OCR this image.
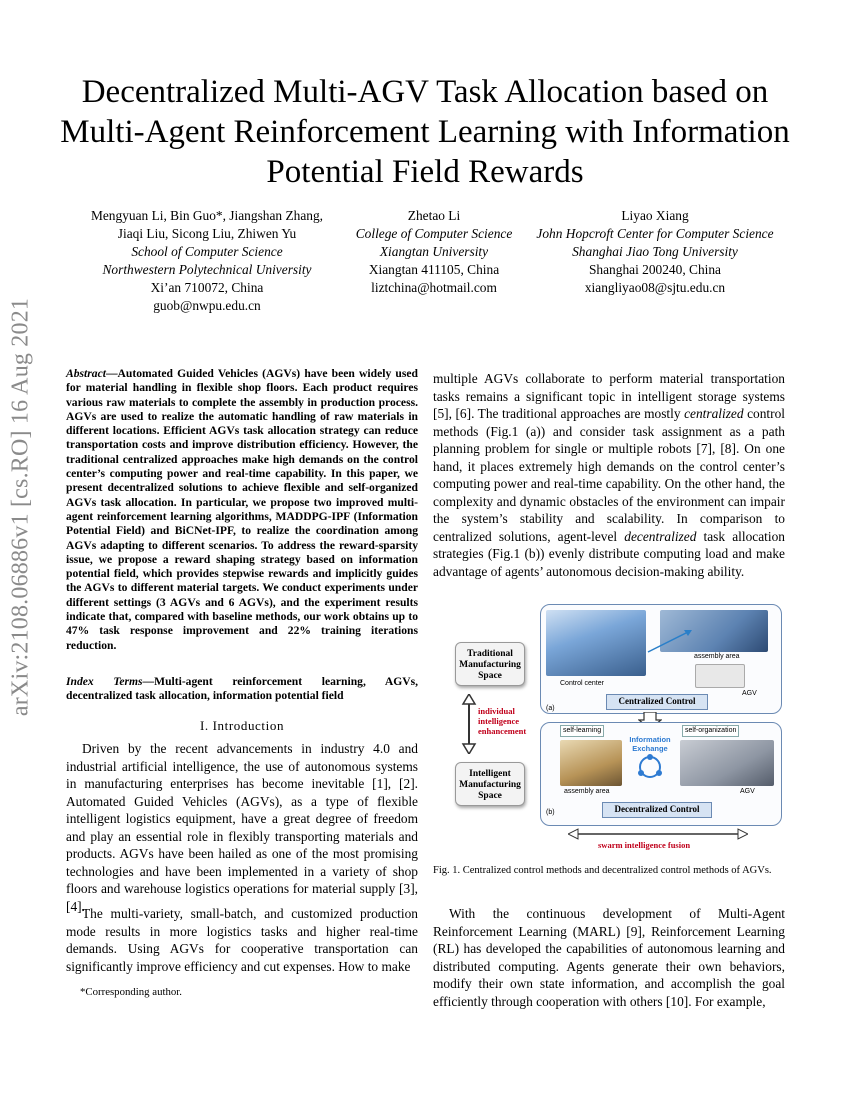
arXiv:2108.06886v1 [cs.RO] 16 Aug 2021
Decentralized Multi-AGV Task Allocation based on Multi-Agent Reinforcement Learning with Information Potential Field Rewards
Mengyuan Li, Bin Guo*, Jiangshan Zhang,
Jiaqi Liu, Sicong Liu, Zhiwen Yu
School of Computer Science
Northwestern Polytechnical University
Xi’an 710072, China
guob@nwpu.edu.cn
Zhetao Li
College of Computer Science
Xiangtan University
Xiangtan 411105, China
liztchina@hotmail.com
Liyao Xiang
John Hopcroft Center for Computer Science
Shanghai Jiao Tong University
Shanghai 200240, China
xiangliyao08@sjtu.edu.cn
Abstract—Automated Guided Vehicles (AGVs) have been widely used for material handling in flexible shop floors. Each product requires various raw materials to complete the assembly in production process. AGVs are used to realize the automatic handling of raw materials in different locations. Efficient AGVs task allocation strategy can reduce transportation costs and improve distribution efficiency. However, the traditional centralized approaches make high demands on the control center’s computing power and real-time capability. In this paper, we present decentralized solutions to achieve flexible and self-organized AGVs task allocation. In particular, we propose two improved multi-agent reinforcement learning algorithms, MADDPG-IPF (Information Potential Field) and BiCNet-IPF, to realize the coordination among AGVs adapting to different scenarios. To address the reward-sparsity issue, we propose a reward shaping strategy based on information potential field, which provides stepwise rewards and implicitly guides the AGVs to different material targets. We conduct experiments under different settings (3 AGVs and 6 AGVs), and the experiment results indicate that, compared with baseline methods, our work obtains up to 47% task response improvement and 22% training iterations reduction.
Index Terms—Multi-agent reinforcement learning, AGVs, decentralized task allocation, information potential field
I. Introduction
Driven by the recent advancements in industry 4.0 and industrial artificial intelligence, the use of autonomous systems in manufacturing enterprises has become inevitable [1], [2]. Automated Guided Vehicles (AGVs), as a type of flexible intelligent logistics equipment, have a great degree of freedom and play an essential role in flexibly transporting materials and products. AGVs have been hailed as one of the most promising technologies and have been implemented in a variety of shop floors and warehouse logistics operations for material supply [3], [4].
The multi-variety, small-batch, and customized production mode results in more logistics tasks and higher real-time demands. Using AGVs for cooperative transportation can significantly improve efficiency and cut expenses. How to make
*Corresponding author.
multiple AGVs collaborate to perform material transportation tasks remains a significant topic in intelligent storage systems [5], [6]. The traditional approaches are mostly centralized control methods (Fig.1 (a)) and consider task assignment as a path planning problem for single or multiple robots [7], [8]. On one hand, it places extremely high demands on the control center’s computing power and real-time capability. On the other hand, the complexity and dynamic obstacles of the environment can impair the system’s stability and scalability. In comparison to centralized solutions, agent-level decentralized task allocation strategies (Fig.1 (b)) evenly distribute computing load and make advantage of agents’ autonomous decision-making ability.
Traditional Manufacturing Space
individual intelligence enhancement
Intelligent Manufacturing Space
Control center
assembly area
AGV
(a)
Centralized Control
self-learning	self-organization
assembly area
Information Exchange
AGV
(b)	Decentralized Control
swarm intelligence fusion
Fig. 1. Centralized control methods and decentralized control methods of AGVs.
With the continuous development of Multi-Agent Reinforcement Learning (MARL) [9], Reinforcement Learning (RL) has developed the capabilities of autonomous learning and distributed computing. Agents generate their own behaviors, modify their own state information, and accomplish the goal efficiently through cooperation with others [10]. For example,
